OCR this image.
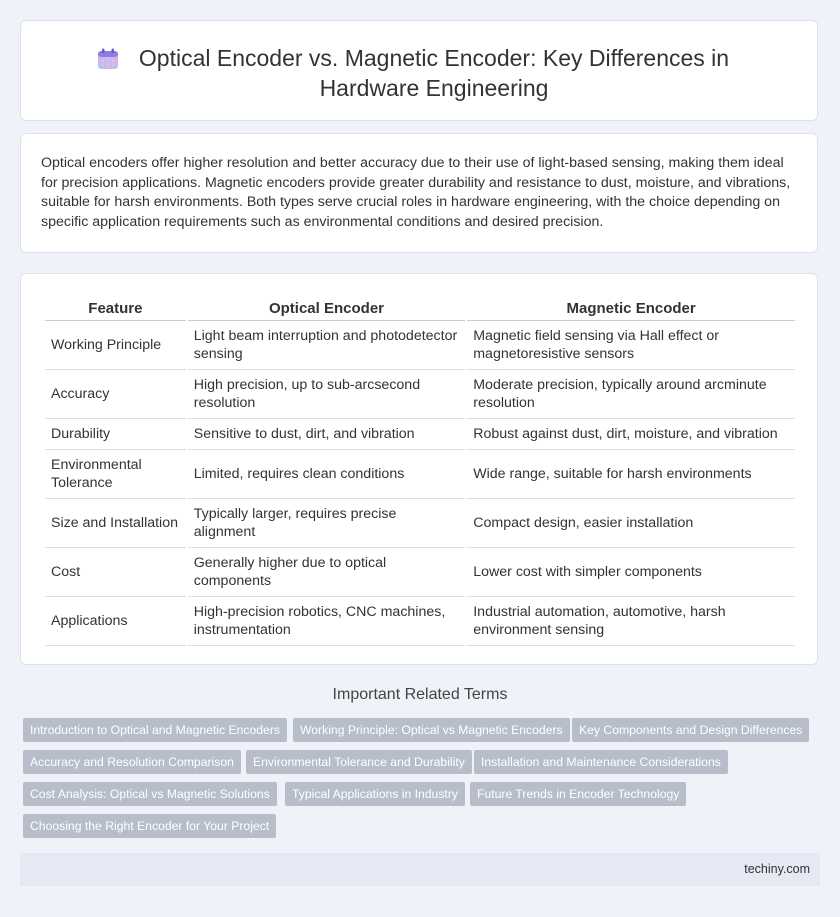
Optical Encoder vs. Magnetic Encoder: Key Differences in Hardware Engineering

Optical encoders offer higher resolution and better accuracy due to their use of light-based sensing, making them ideal for precision applications. Magnetic encoders provide greater durability and resistance to dust, moisture, and vibrations, suitable for harsh environments. Both types serve crucial roles in hardware engineering, with the choice depending on specific application requirements such as environmental conditions and desired precision.

Feature	Optical Encoder	Magnetic Encoder
Working Principle	Light beam interruption and photodetector sensing	Magnetic field sensing via Hall effect or magnetoresistive sensors
Accuracy	High precision, up to sub-arcsecond resolution	Moderate precision, typically around arcminute resolution
Durability	Sensitive to dust, dirt, and vibration	Robust against dust, dirt, moisture, and vibration
Environmental Tolerance	Limited, requires clean conditions	Wide range, suitable for harsh environments
Size and Installation	Typically larger, requires precise alignment	Compact design, easier installation
Cost	Generally higher due to optical components	Lower cost with simpler components
Applications	High-precision robotics, CNC machines, instrumentation	Industrial automation, automotive, harsh environment sensing
Important Related Terms
Introduction to Optical and Magnetic Encoders	Working Principle: Optical vs Magnetic Encoders	Key Components and Design Differences
Accuracy and Resolution Comparison	Environmental Tolerance and Durability	Installation and Maintenance Considerations
Cost Analysis: Optical vs Magnetic Solutions	Typical Applications in Industry	Future Trends in Encoder Technology
Choosing the Right Encoder for Your Project
techiny.com
